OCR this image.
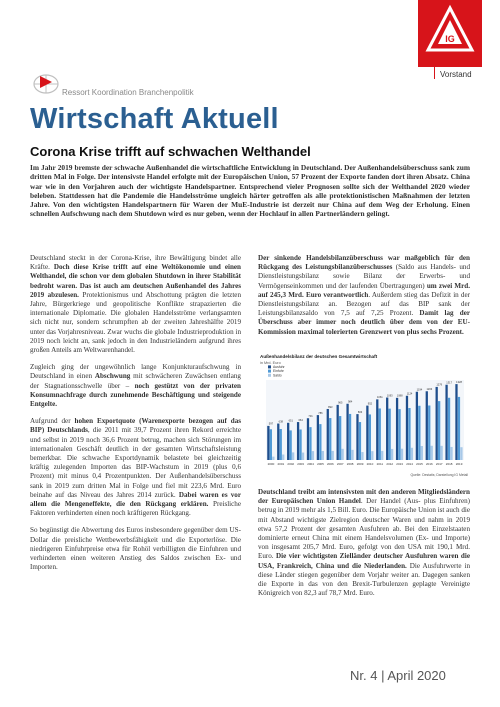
IG
Vorstand
Ressort Koordination Branchenpolitik
Wirtschaft Aktuell
Corona Krise trifft auf schwachen Welthandel

Im Jahr 2019 bremste der schwache Außenhandel die wirtschaftliche Entwicklung in Deutschland. Der Außenhandelsüberschuss sank zum dritten Mal in Folge. Der intensivste Handel erfolgte mit der Europäischen Union, 57 Prozent der Exporte fanden dort ihren Absatz. China war wie in den Vorjahren auch der wichtigste Handelspartner. Entsprechend vieler Prognosen sollte sich der Welthandel 2020 wieder beleben. Stattdessen hat die Pandemie die Handelsströme ungleich härter getroffen als alle protektionistischen Maßnahmen der letzten Jahre. Von den wichtigsten Handelspartnern für Waren der MuE-Industrie ist derzeit nur China auf dem Weg der Erholung. Einen schnellen Aufschwung nach dem Shutdown wird es nur geben, wenn der Hochlauf in allen Partnerländern gelingt.

Deutschland steckt in der Corona-Krise, ihre Bewältigung bindet alle Kräfte. Doch diese Krise trifft auf eine Weltökonomie und einen Welthandel, die schon vor dem globalen Shutdown in ihrer Stabilität bedroht waren. Das ist auch am deutschen Außenhandel des Jahres 2019 abzulesen. Protektionismus und Abschottung prägten die letzten Jahre, Bürgerkriege und geopolitische Konflikte strapazierten die internationale Diplomatie. Die globalen Handelsströme verlangsamten sich nicht nur, sondern schrumpften ab der zweiten Jahreshälfte 2019 unter das Vorjahresniveau. Zwar wuchs die globale Industrieproduktion in 2019 noch leicht an, sank jedoch in den Industrieländern aufgrund ihres großen Anteils am Weltwarenhandel.

Zugleich ging der ungewöhnlich lange Konjunkturaufschwung in Deutschland in einen Abschwung mit schwächeren Zuwächsen entlang der Stagnationsschwelle über – noch gestützt von der privaten Konsumnachfrage durch zunehmende Beschäftigung und steigende Entgelte.

Aufgrund der hohen Exportquote (Warenexporte bezogen auf das BIP) Deutschlands, die 2011 mit 39,7 Prozent ihren Rekord erreichte und selbst in 2019 noch 36,6 Prozent betrug, machen sich Störungen im internationalen Geschäft deutlich in der gesamten Wirtschaftsleistung bemerkbar. Die schwache Exportdynamik belastete bei gleichzeitig kräftig zulegenden Importen das BIP-Wachstum in 2019 (plus 0,6 Prozent) mit minus 0,4 Prozentpunkten. Der Außenhandelsüberschuss sank in 2019 zum dritten Mal in Folge und fiel mit 223,6 Mrd. Euro beinahe auf das Niveau des Jahres 2014 zurück. Dabei waren es vor allem die Mengeneffekte, die den Rückgang erklären. Preisliche Faktoren verhinderten einen noch kräftigeren Rückgang.

So begünstigt die Abwertung des Euros insbesondere gegenüber dem US-Dollar die preisliche Wettbewerbsfähigkeit und die Exporterlöse. Die niedrigeren Einfuhrpreise etwa für Rohöl verbilligten die Einfuhren und verhinderten einen weiteren Anstieg des Saldos zwischen Ex- und Importen.

Der sinkende Handelsbilanzüberschuss war maßgeblich für den Rückgang des Leistungsbilanzüberschusses (Saldo aus Handels- und Dienstleistungsbilanz sowie Bilanz der Erwerbs- und Vermögenseinkommen und der laufenden Übertragungen) um zwei Mrd. auf 245,3 Mrd. Euro verantwortlich. Außerdem stieg das Defizit in der Dienstleistungsbilanz an. Bezogen auf das BIP sank der Leistungsbilanzsaldo von 7,5 auf 7,25 Prozent. Damit lag der Überschuss aber immer noch deutlich über dem von der EU-Kommission maximal tolerierten Grenzwert von plus sechs Prozent.

Außenhandelsbilanz der deutschen Gesamtwirtschaft
in Mrd. Euro
Ausfuhr
Einfuhr
Saldo
597
638 651 664
731
786
893
965 984
803
952
1061
1093 1088
1124
1194 1203
1279
1317 1328
2000 2001 2002 2003 2004 2005 2006 2007 2008 2009 2010 2011 2012 2013 2014 2015 2016 2017 2018 2019
Quelle: Destatis; Darstellung IG Metall

Deutschland treibt am intensivsten mit den anderen Mitgliedsländern der Europäischen Union Handel. Der Handel (Aus- plus Einfuhren) betrug in 2019 mehr als 1,5 Bill. Euro. Die Europäische Union ist auch die mit Abstand wichtigste Zielregion deutscher Waren und nahm in 2019 etwa 57,2 Prozent der gesamten Ausfuhren ab. Bei den Einzelstaaten dominierte erneut China mit einem Handelsvolumen (Ex- und Importe) von insgesamt 205,7 Mrd. Euro, gefolgt von den USA mit 190,1 Mrd. Euro. Die vier wichtigsten Zielländer deutscher Ausfuhren waren die USA, Frankreich, China und die Niederlanden. Die Ausfuhrwerte in diese Länder stiegen gegenüber dem Vorjahr weiter an. Dagegen sanken die Exporte in das von den Brexit-Turbulenzen geplagte Vereinigte Königreich von 82,3 auf 78,7 Mrd. Euro.

Nr. 4 | April 2020
